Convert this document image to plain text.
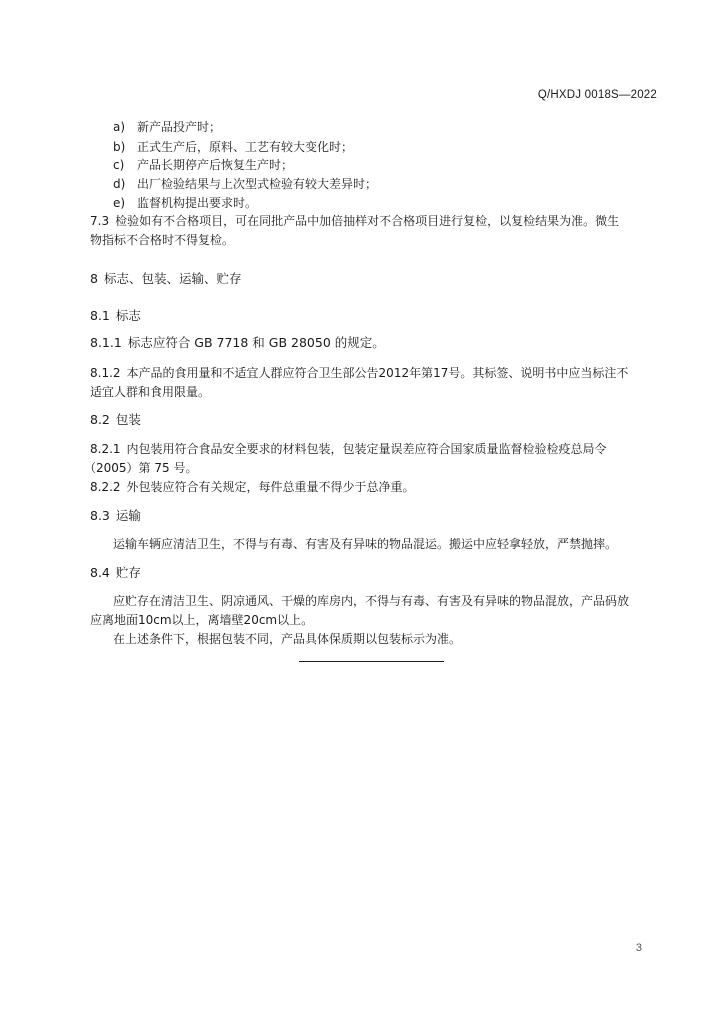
Q/HXDJ 0018S—2022
a) 新产品投产时；
b) 正式生产后，原料、工艺有较大变化时；
c) 产品长期停产后恢复生产时；
d) 出厂检验结果与上次型式检验有较大差异时；
e) 监督机构提出要求时。
7.3 检验如有不合格项目，可在同批产品中加倍抽样对不合格项目进行复检，以复检结果为准。微生
物指标不合格时不得复检。
8 标志、包装、运输、贮存
8.1 标志
8.1.1 标志应符合 GB 7718 和 GB 28050 的规定。
8.1.2 本产品的食用量和不适宜人群应符合卫生部公告2012年第17号。其标签、说明书中应当标注不
适宜人群和食用限量。
8.2 包装
8.2.1 内包装用符合食品安全要求的材料包装，包装定量误差应符合国家质量监督检验检疫总局令
（2005）第 75 号。
8.2.2 外包装应符合有关规定，每件总重量不得少于总净重。
8.3 运输
运输车辆应清洁卫生，不得与有毒、有害及有异味的物品混运。搬运中应轻拿轻放，严禁抛摔。
8.4 贮存
应贮存在清洁卫生、阴凉通风、干燥的库房内，不得与有毒、有害及有异味的物品混放，产品码放
应离地面10cm以上，离墙壁20cm以上。
在上述条件下，根据包装不同，产品具体保质期以包装标示为准。
3
